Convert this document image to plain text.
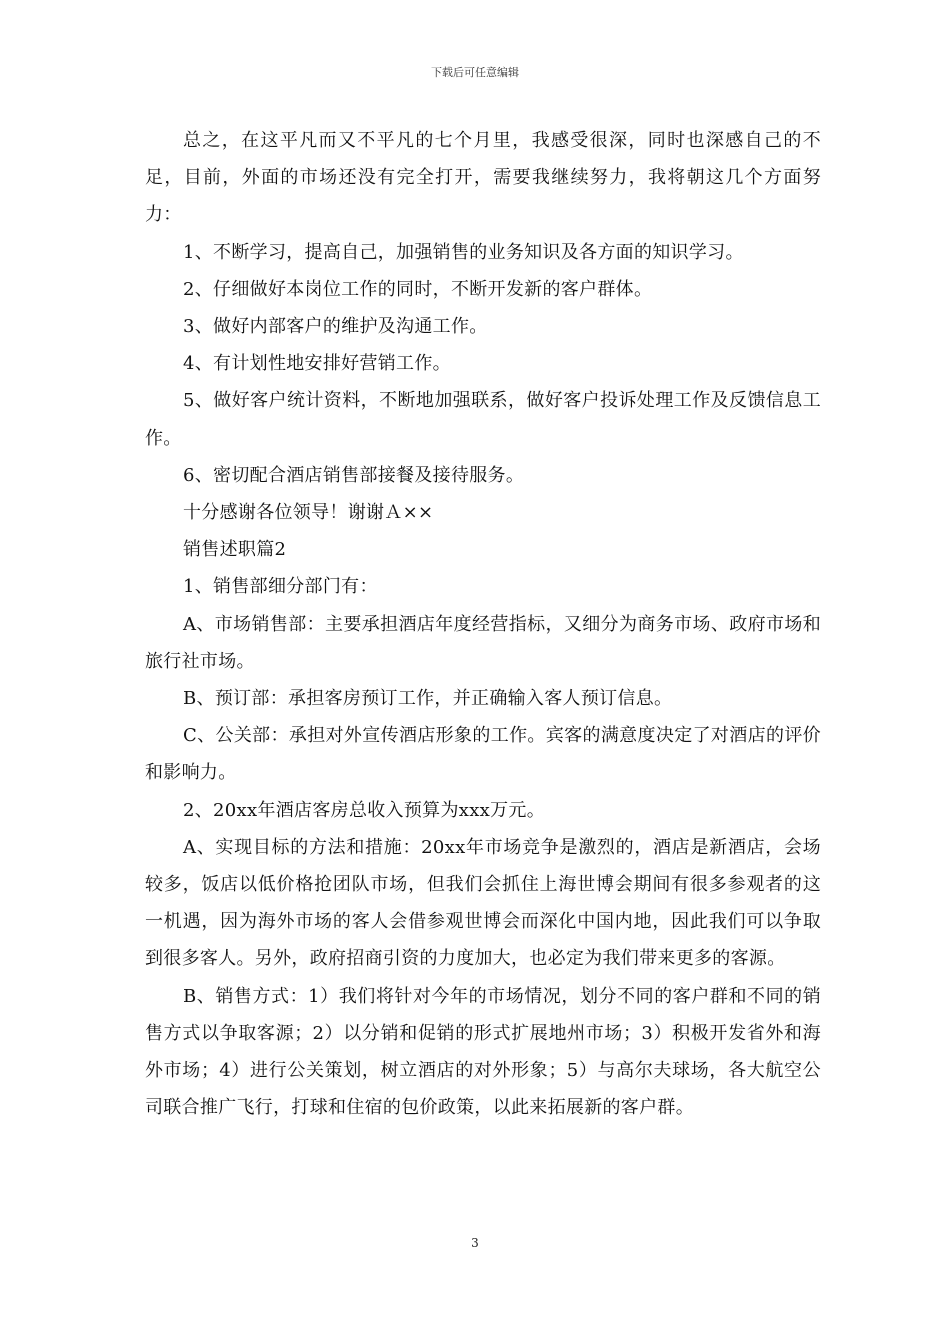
下载后可任意编辑

总之，在这平凡而又不平凡的七个月里，我感受很深，同时也深感自己的不足，目前，外面的市场还没有完全打开，需要我继续努力，我将朝这几个方面努力：

1、不断学习，提高自己，加强销售的业务知识及各方面的知识学习。

2、仔细做好本岗位工作的同时，不断开发新的客户群体。

3、做好内部客户的维护及沟通工作。

4、有计划性地安排好营销工作。

5、做好客户统计资料，不断地加强联系，做好客户投诉处理工作及反馈信息工作。

6、密切配合酒店销售部接餐及接待服务。

十分感谢各位领导！谢谢Ａ××

销售述职篇2

1、销售部细分部门有：

A、市场销售部：主要承担酒店年度经营指标，又细分为商务市场、政府市场和旅行社市场。

B、预订部：承担客房预订工作，并正确输入客人预订信息。

C、公关部：承担对外宣传酒店形象的工作。宾客的满意度决定了对酒店的评价和影响力。

2、20xx年酒店客房总收入预算为xxx万元。

A、实现目标的方法和措施：20xx年市场竞争是激烈的，酒店是新酒店，会场较多，饭店以低价格抢团队市场，但我们会抓住上海世博会期间有很多参观者的这一机遇，因为海外市场的客人会借参观世博会而深化中国内地，因此我们可以争取到很多客人。另外，政府招商引资的力度加大，也必定为我们带来更多的客源。

B、销售方式：1）我们将针对今年的市场情况，划分不同的客户群和不同的销售方式以争取客源；2）以分销和促销的形式扩展地州市场；3）积极开发省外和海外市场；4）进行公关策划，树立酒店的对外形象；5）与高尔夫球场，各大航空公司联合推广飞行，打球和住宿的包价政策，以此来拓展新的客户群。

3
